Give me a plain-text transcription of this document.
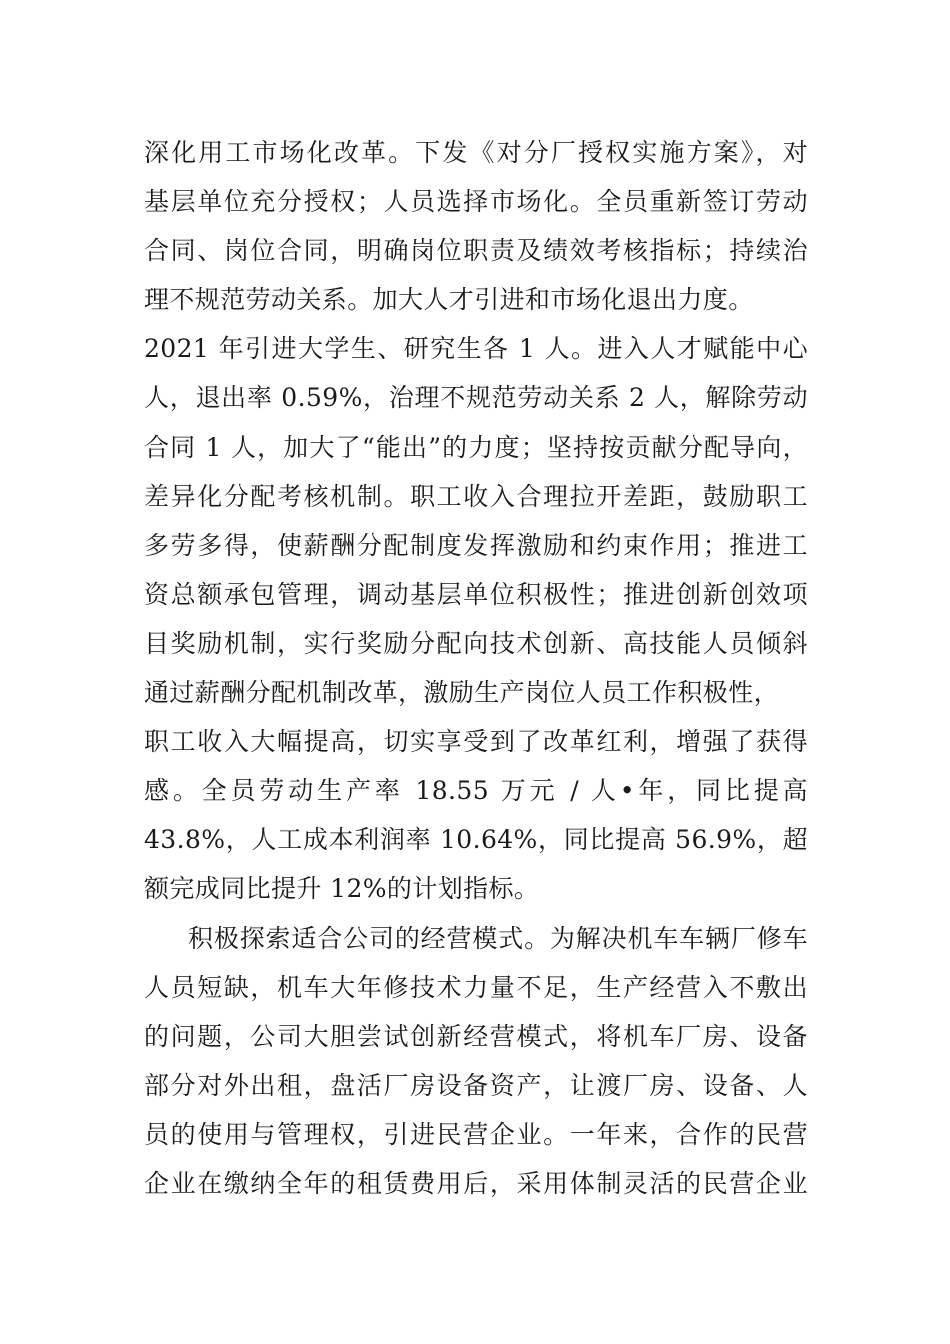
深化用工市场化改革。下发《对分厂授权实施方案》，对
基层单位充分授权；人员选择市场化。全员重新签订劳动
合同、岗位合同，明确岗位职责及绩效考核指标；持续治
理不规范劳动关系。加大人才引进和市场化退出力度。
2021 年引进大学生、研究生各 1 人。进入人才赋能中心
人，退出率 0.59%，治理不规范劳动关系 2 人，解除劳动
合同 1 人，加大了“能出”的力度；坚持按贡献分配导向，
差异化分配考核机制。职工收入合理拉开差距，鼓励职工
多劳多得，使薪酬分配制度发挥激励和约束作用；推进工
资总额承包管理，调动基层单位积极性；推进创新创效项
目奖励机制，实行奖励分配向技术创新、高技能人员倾斜
通过薪酬分配机制改革，激励生产岗位人员工作积极性，
职工收入大幅提高，切实享受到了改革红利，增强了获得
感。全员劳动生产率 18.55 万元 / 人•年，同比提高
43.8%，人工成本利润率 10.64%，同比提高 56.9%，超
额完成同比提升 12%的计划指标。
积极探索适合公司的经营模式。为解决机车车辆厂修车
人员短缺，机车大年修技术力量不足，生产经营入不敷出
的问题，公司大胆尝试创新经营模式，将机车厂房、设备
部分对外出租，盘活厂房设备资产，让渡厂房、设备、人
员的使用与管理权，引进民营企业。一年来，合作的民营
企业在缴纳全年的租赁费用后，采用体制灵活的民营企业
